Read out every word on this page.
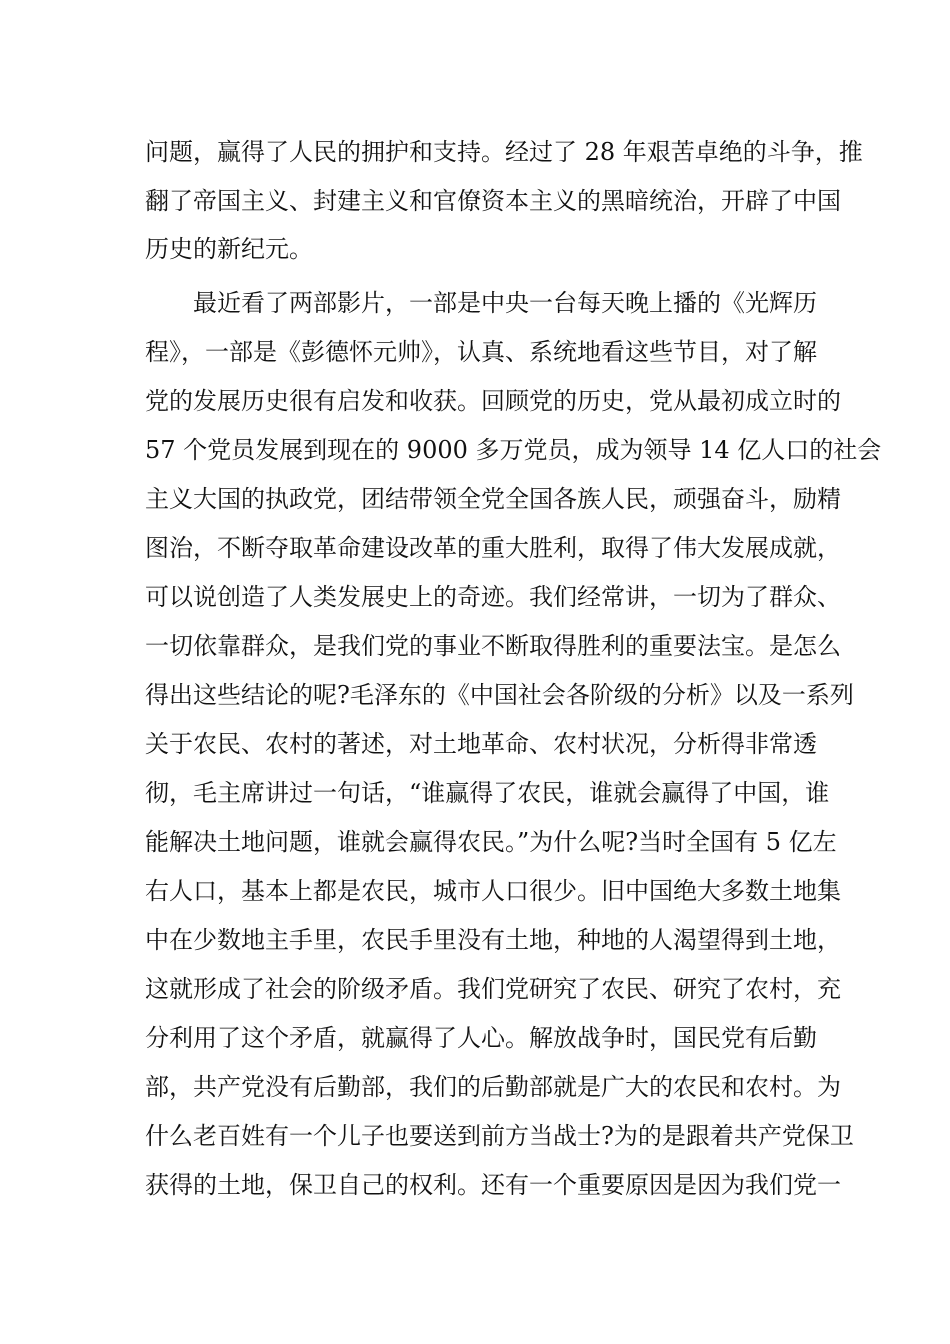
问题，赢得了人民的拥护和支持。经过了 28 年艰苦卓绝的斗争，推
翻了帝国主义、封建主义和官僚资本主义的黑暗统治，开辟了中国
历史的新纪元。
最近看了两部影片，一部是中央一台每天晚上播的《光辉历
程》，一部是《彭德怀元帅》，认真、系统地看这些节目，对了解
党的发展历史很有启发和收获。回顾党的历史，党从最初成立时的
57 个党员发展到现在的 9000 多万党员，成为领导 14 亿人口的社会
主义大国的执政党，团结带领全党全国各族人民，顽强奋斗，励精
图治，不断夺取革命建设改革的重大胜利，取得了伟大发展成就，
可以说创造了人类发展史上的奇迹。我们经常讲，一切为了群众、
一切依靠群众，是我们党的事业不断取得胜利的重要法宝。是怎么
得出这些结论的呢?毛泽东的《中国社会各阶级的分析》以及一系列
关于农民、农村的著述，对土地革命、农村状况，分析得非常透
彻，毛主席讲过一句话，“谁赢得了农民，谁就会赢得了中国，谁
能解决土地问题，谁就会赢得农民。”为什么呢?当时全国有 5 亿左
右人口，基本上都是农民，城市人口很少。旧中国绝大多数土地集
中在少数地主手里，农民手里没有土地，种地的人渴望得到土地，
这就形成了社会的阶级矛盾。我们党研究了农民、研究了农村，充
分利用了这个矛盾，就赢得了人心。解放战争时，国民党有后勤
部，共产党没有后勤部，我们的后勤部就是广大的农民和农村。为
什么老百姓有一个儿子也要送到前方当战士?为的是跟着共产党保卫
获得的土地，保卫自己的权利。还有一个重要原因是因为我们党一
